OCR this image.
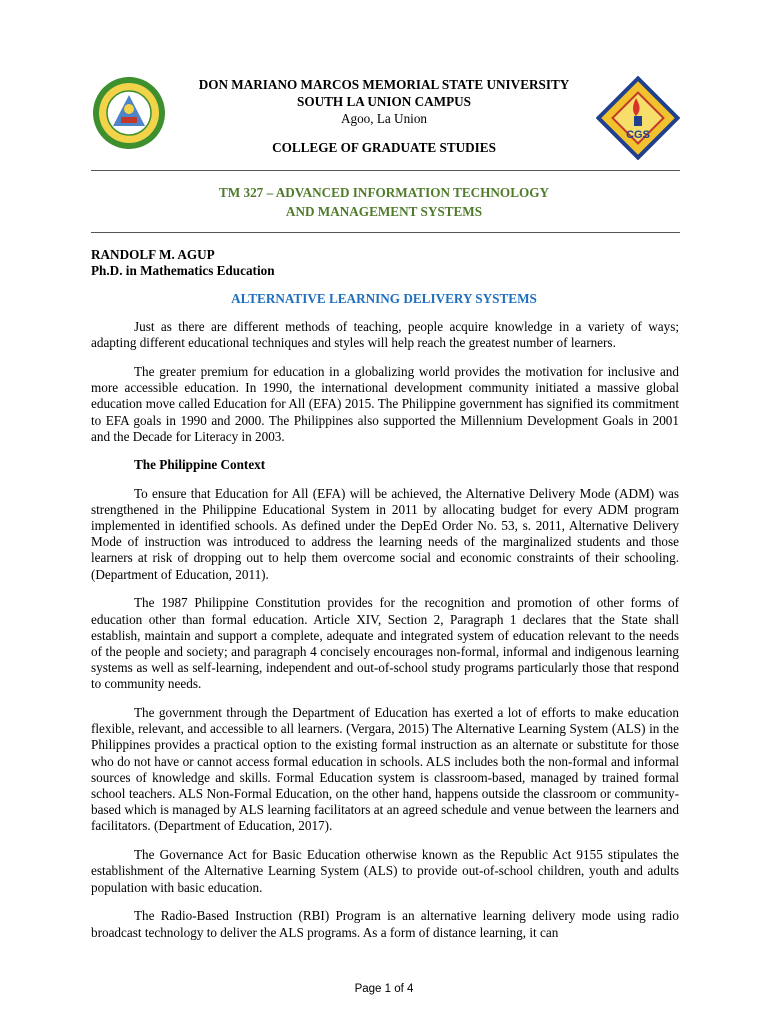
CGS
DON MARIANO MARCOS MEMORIAL STATE UNIVERSITY
SOUTH LA UNION CAMPUS
Agoo, La Union
COLLEGE OF GRADUATE STUDIES
TM 327 – ADVANCED INFORMATION TECHNOLOGY
AND MANAGEMENT SYSTEMS
RANDOLF M. AGUP
Ph.D. in Mathematics Education
ALTERNATIVE LEARNING DELIVERY SYSTEMS

Just as there are different methods of teaching, people acquire knowledge in a variety of ways; adapting different educational techniques and styles will help reach the greatest number of learners.

The greater premium for education in a globalizing world provides the motivation for inclusive and more accessible education. In 1990, the international development community initiated a massive global education move called Education for All (EFA) 2015. The Philippine government has signified its commitment to EFA goals in 1990 and 2000. The Philippines also supported the Millennium Development Goals in 2001 and the Decade for Literacy in 2003.

The Philippine Context

To ensure that Education for All (EFA) will be achieved, the Alternative Delivery Mode (ADM) was strengthened in the Philippine Educational System in 2011 by allocating budget for every ADM program implemented in identified schools. As defined under the DepEd Order No. 53, s. 2011, Alternative Delivery Mode of instruction was introduced to address the learning needs of the marginalized students and those learners at risk of dropping out to help them overcome social and economic constraints of their schooling. (Department of Education, 2011).

The 1987 Philippine Constitution provides for the recognition and promotion of other forms of education other than formal education. Article XIV, Section 2, Paragraph 1 declares that the State shall establish, maintain and support a complete, adequate and integrated system of education relevant to the needs of the people and society; and paragraph 4 concisely encourages non-formal, informal and indigenous learning systems as well as self-learning, independent and out-of-school study programs particularly those that respond to community needs.

The government through the Department of Education has exerted a lot of efforts to make education flexible, relevant, and accessible to all learners. (Vergara, 2015) The Alternative Learning System (ALS) in the Philippines provides a practical option to the existing formal instruction as an alternate or substitute for those who do not have or cannot access formal education in schools. ALS includes both the non-formal and informal sources of knowledge and skills. Formal Education system is classroom-based, managed by trained formal school teachers. ALS Non-Formal Education, on the other hand, happens outside the classroom or community-based which is managed by ALS learning facilitators at an agreed schedule and venue between the learners and facilitators. (Department of Education, 2017).

The Governance Act for Basic Education otherwise known as the Republic Act 9155 stipulates the establishment of the Alternative Learning System (ALS) to provide out-of-school children, youth and adults population with basic education.

The Radio-Based Instruction (RBI) Program is an alternative learning delivery mode using radio broadcast technology to deliver the ALS programs. As a form of distance learning, it can

Page 1 of 4
